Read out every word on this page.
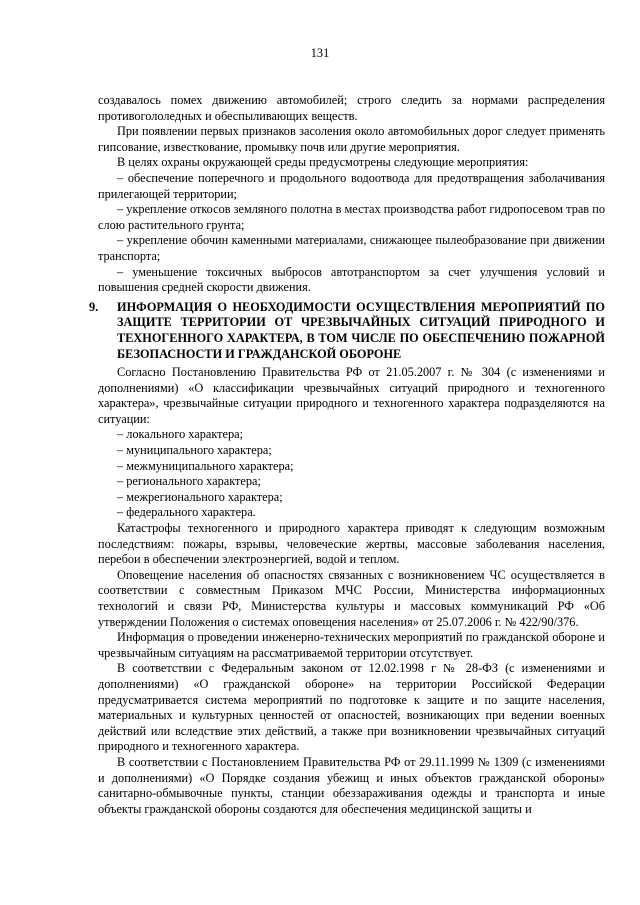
131

создавалось помех движению автомобилей; строго следить за нормами распределения противогололедных и обеспыливающих веществ.

При появлении первых признаков засоления около автомобильных дорог следует применять гипсование, известкование, промывку почв или другие мероприятия.

В целях охраны окружающей среды предусмотрены следующие мероприятия:

– обеспечение поперечного и продольного водоотвода для предотвращения заболачивания прилегающей территории;

– укрепление откосов земляного полотна в местах производства работ гидропосевом трав по слою растительного грунта;

– укрепление обочин каменными материалами, снижающее пылеобразование при движении транспорта;

– уменьшение токсичных выбросов автотранспортом за счет улучшения условий и повышения средней скорости движения.

9. ИНФОРМАЦИЯ О НЕОБХОДИМОСТИ ОСУЩЕСТВЛЕНИЯ МЕРОПРИЯТИЙ ПО ЗАЩИТЕ ТЕРРИТОРИИ ОТ ЧРЕЗВЫЧАЙНЫХ СИТУАЦИЙ ПРИРОДНОГО И ТЕХНОГЕННОГО ХАРАКТЕРА, В ТОМ ЧИСЛЕ ПО ОБЕСПЕЧЕНИЮ ПОЖАРНОЙ БЕЗОПАСНОСТИ И ГРАЖДАНСКОЙ ОБОРОНЕ

Согласно Постановлению Правительства РФ от 21.05.2007 г. № 304 (с изменениями и дополнениями) «О классификации чрезвычайных ситуаций природного и техногенного характера», чрезвычайные ситуации природного и техногенного характера подразделяются на ситуации:

– локального характера;

– муниципального характера;

– межмуниципального характера;

– регионального характера;

– межрегионального характера;

– федерального характера.

Катастрофы техногенного и природного характера приводят к следующим возможным последствиям: пожары, взрывы, человеческие жертвы, массовые заболевания населения, перебои в обеспечении электроэнергией, водой и теплом.

Оповещение населения об опасностях связанных с возникновением ЧС осуществляется в соответствии с совместным Приказом МЧС России, Министерства информационных технологий и связи РФ, Министерства культуры и массовых коммуникаций РФ «Об утверждении Положения о системах оповещения населения» от 25.07.2006 г. № 422/90/376.

Информация о проведении инженерно-технических мероприятий по гражданской обороне и чрезвычайным ситуациям на рассматриваемой территории отсутствует.

В соответствии с Федеральным законом от 12.02.1998 г № 28-ФЗ (с изменениями и дополнениями) «О гражданской обороне» на территории Российской Федерации предусматривается система мероприятий по подготовке к защите и по защите населения, материальных и культурных ценностей от опасностей, возникающих при ведении военных действий или вследствие этих действий, а также при возникновении чрезвычайных ситуаций природного и техногенного характера.

В соответствии с Постановлением Правительства РФ от 29.11.1999 № 1309 (с изменениями и дополнениями) «О Порядке создания убежищ и иных объектов гражданской обороны» санитарно-обмывочные пункты, станции обеззараживания одежды и транспорта и иные объекты гражданской обороны создаются для обеспечения медицинской защиты и
